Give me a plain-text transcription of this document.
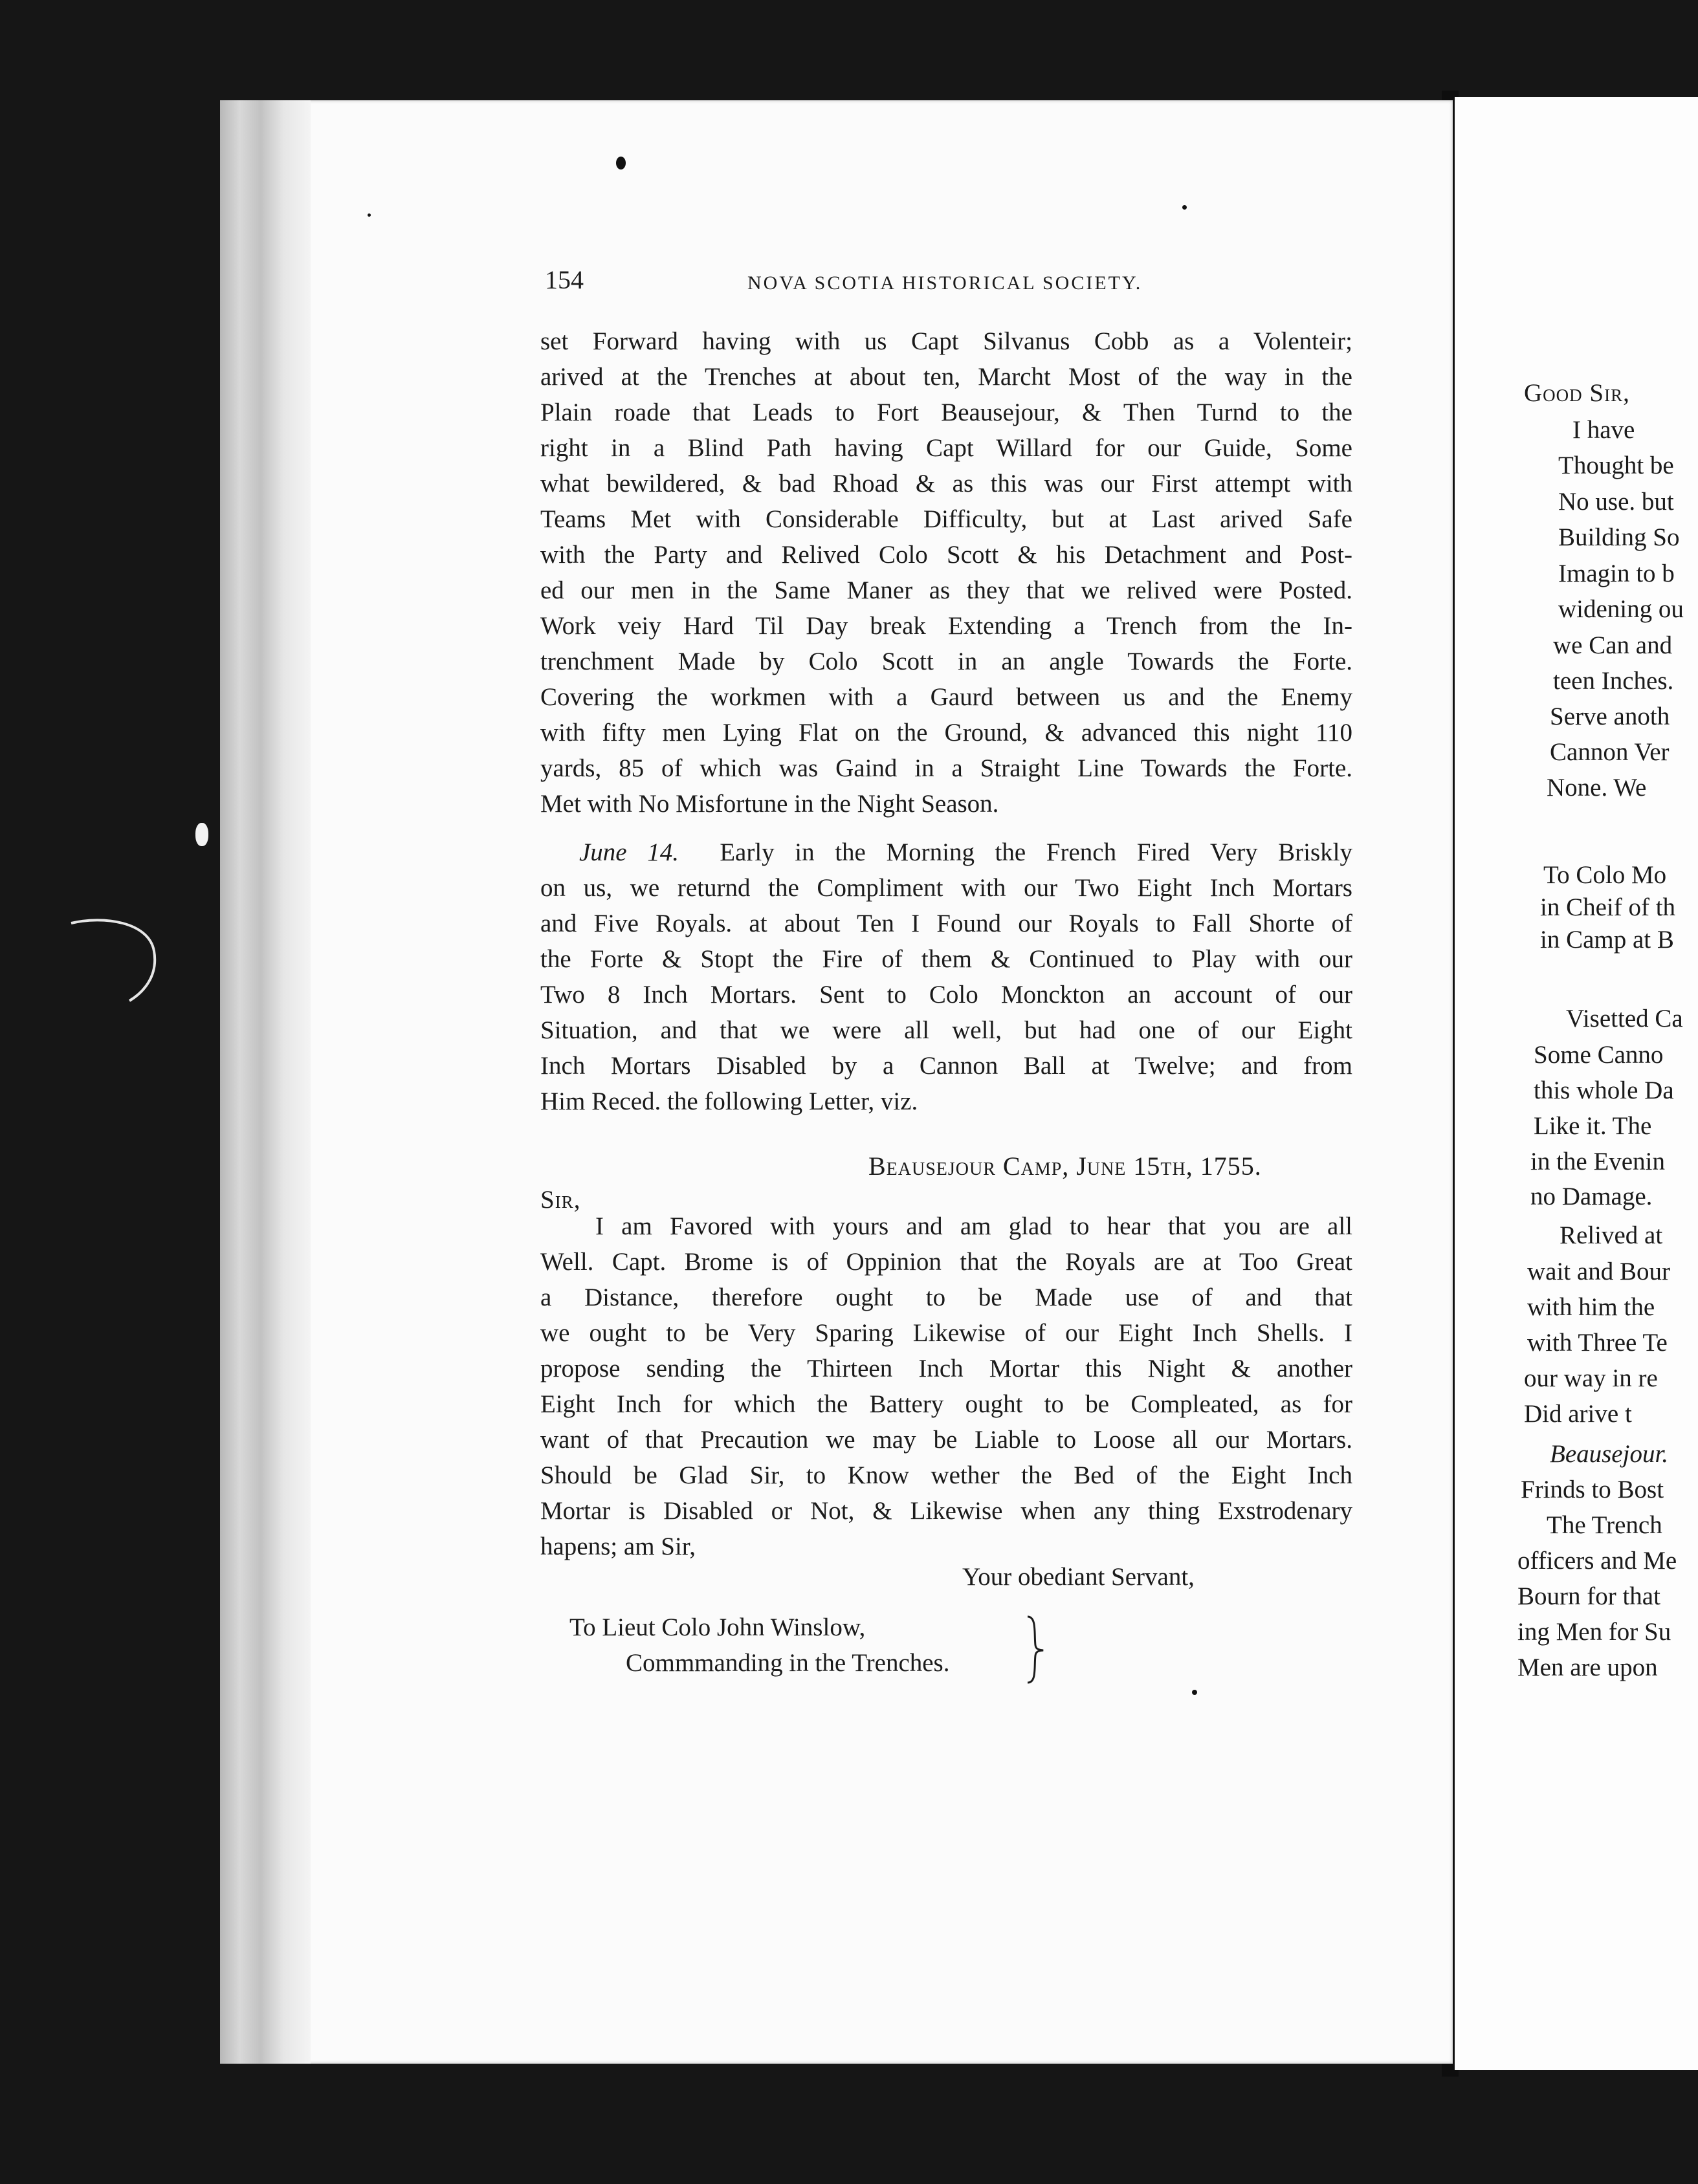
154	NOVA SCOTIA HISTORICAL SOCIETY.
set Forward having with us Capt Silvanus Cobb as a Volenteir;
arived at the Trenches at about ten, Marcht Most of the way in the
Plain roade that Leads to Fort Beausejour, & Then Turnd to the
right in a Blind Path having Capt Willard for our Guide, Some
what bewildered, & bad Rhoad & as this was our First attempt with
Teams Met with Considerable Difficulty, but at Last arived Safe
with the Party and Relived Colo Scott & his Detachment and Post-
ed our men in the Same Maner as they that we relived were Posted.
Work veiy Hard Til Day break Extending a Trench from the In-
trenchment Made by Colo Scott in an angle Towards the Forte.
Covering the workmen with a Gaurd between us and the Enemy
with fifty men Lying Flat on the Ground, & advanced this night 110
yards, 85 of which was Gaind in a Straight Line Towards the Forte.
Met with No Misfortune in the Night Season.
June 14. Early in the Morning the French Fired Very Briskly
on us, we returnd the Compliment with our Two Eight Inch Mortars
and Five Royals. at about Ten I Found our Royals to Fall Shorte of
the Forte & Stopt the Fire of them & Continued to Play with our
Two 8 Inch Mortars. Sent to Colo Monckton an account of our
Situation, and that we were all well, but had one of our Eight
Inch Mortars Disabled by a Cannon Ball at Twelve; and from
Him Reced. the following Letter, viz.
Beausejour Camp, June 15th, 1755.
Sir,
I am Favored with yours and am glad to hear that you are all
Well. Capt. Brome is of Oppinion that the Royals are at Too Great
a Distance, therefore ought to be Made use of and that
we ought to be Very Sparing Likewise of our Eight Inch Shells. I
propose sending the Thirteen Inch Mortar this Night & another
Eight Inch for which the Battery ought to be Compleated, as for
want of that Precaution we may be Liable to Loose all our Mortars.
Should be Glad Sir, to Know wether the Bed of the Eight Inch
Mortar is Disabled or Not, & Likewise when any thing Exstrodenary
hapens; am Sir,
Your obediant Servant,
To Lieut Colo John Winslow,
Commmanding in the Trenches.
Good Sir,
I have
Thought be
No use. but
Building So
Imagin to b
widening ou
we Can and
teen Inches.
Serve anoth
Cannon Ver
None. We
To Colo Mo
in Cheif of th
in Camp at B
Visetted Ca
Some Canno
this whole Da
Like it. The
in the Evenin
no Damage.
Relived at
wait and Bour
with him the
with Three Te
our way in re
Did arive t
Beausejour.
Frinds to Bost
The Trench
officers and Me
Bourn for that
ing Men for Su
Men are upon
